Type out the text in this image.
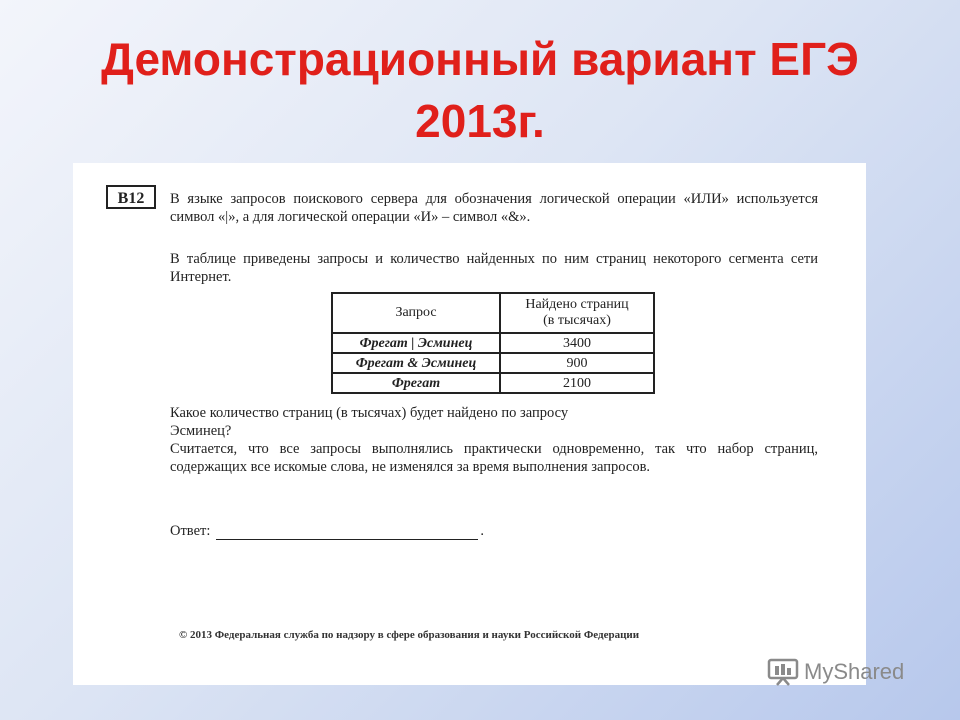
Демонстрационный вариант ЕГЭ
2013г.
B12	В языке запросов поискового сервера для обозначения логической операции «ИЛИ» используется символ «|», а для логической операции «И» – символ «&».
В таблице приведены запросы и количество найденных по ним страниц некоторого сегмента сети Интернет.
Запрос	Найдено страниц
(в тысячах)
Фрегат | Эсминец	3400
Фрегат & Эсминец	900
Фрегат	2100
Какое количество страниц (в тысячах) будет найдено по запросу
Эсминец?
Считается, что все запросы выполнялись практически одновременно, так что набор страниц, содержащих все искомые слова, не изменялся за время выполнения запросов.
Ответ:	.
© 2013 Федеральная служба по надзору в сфере образования и науки Российской Федерации
MyShared
